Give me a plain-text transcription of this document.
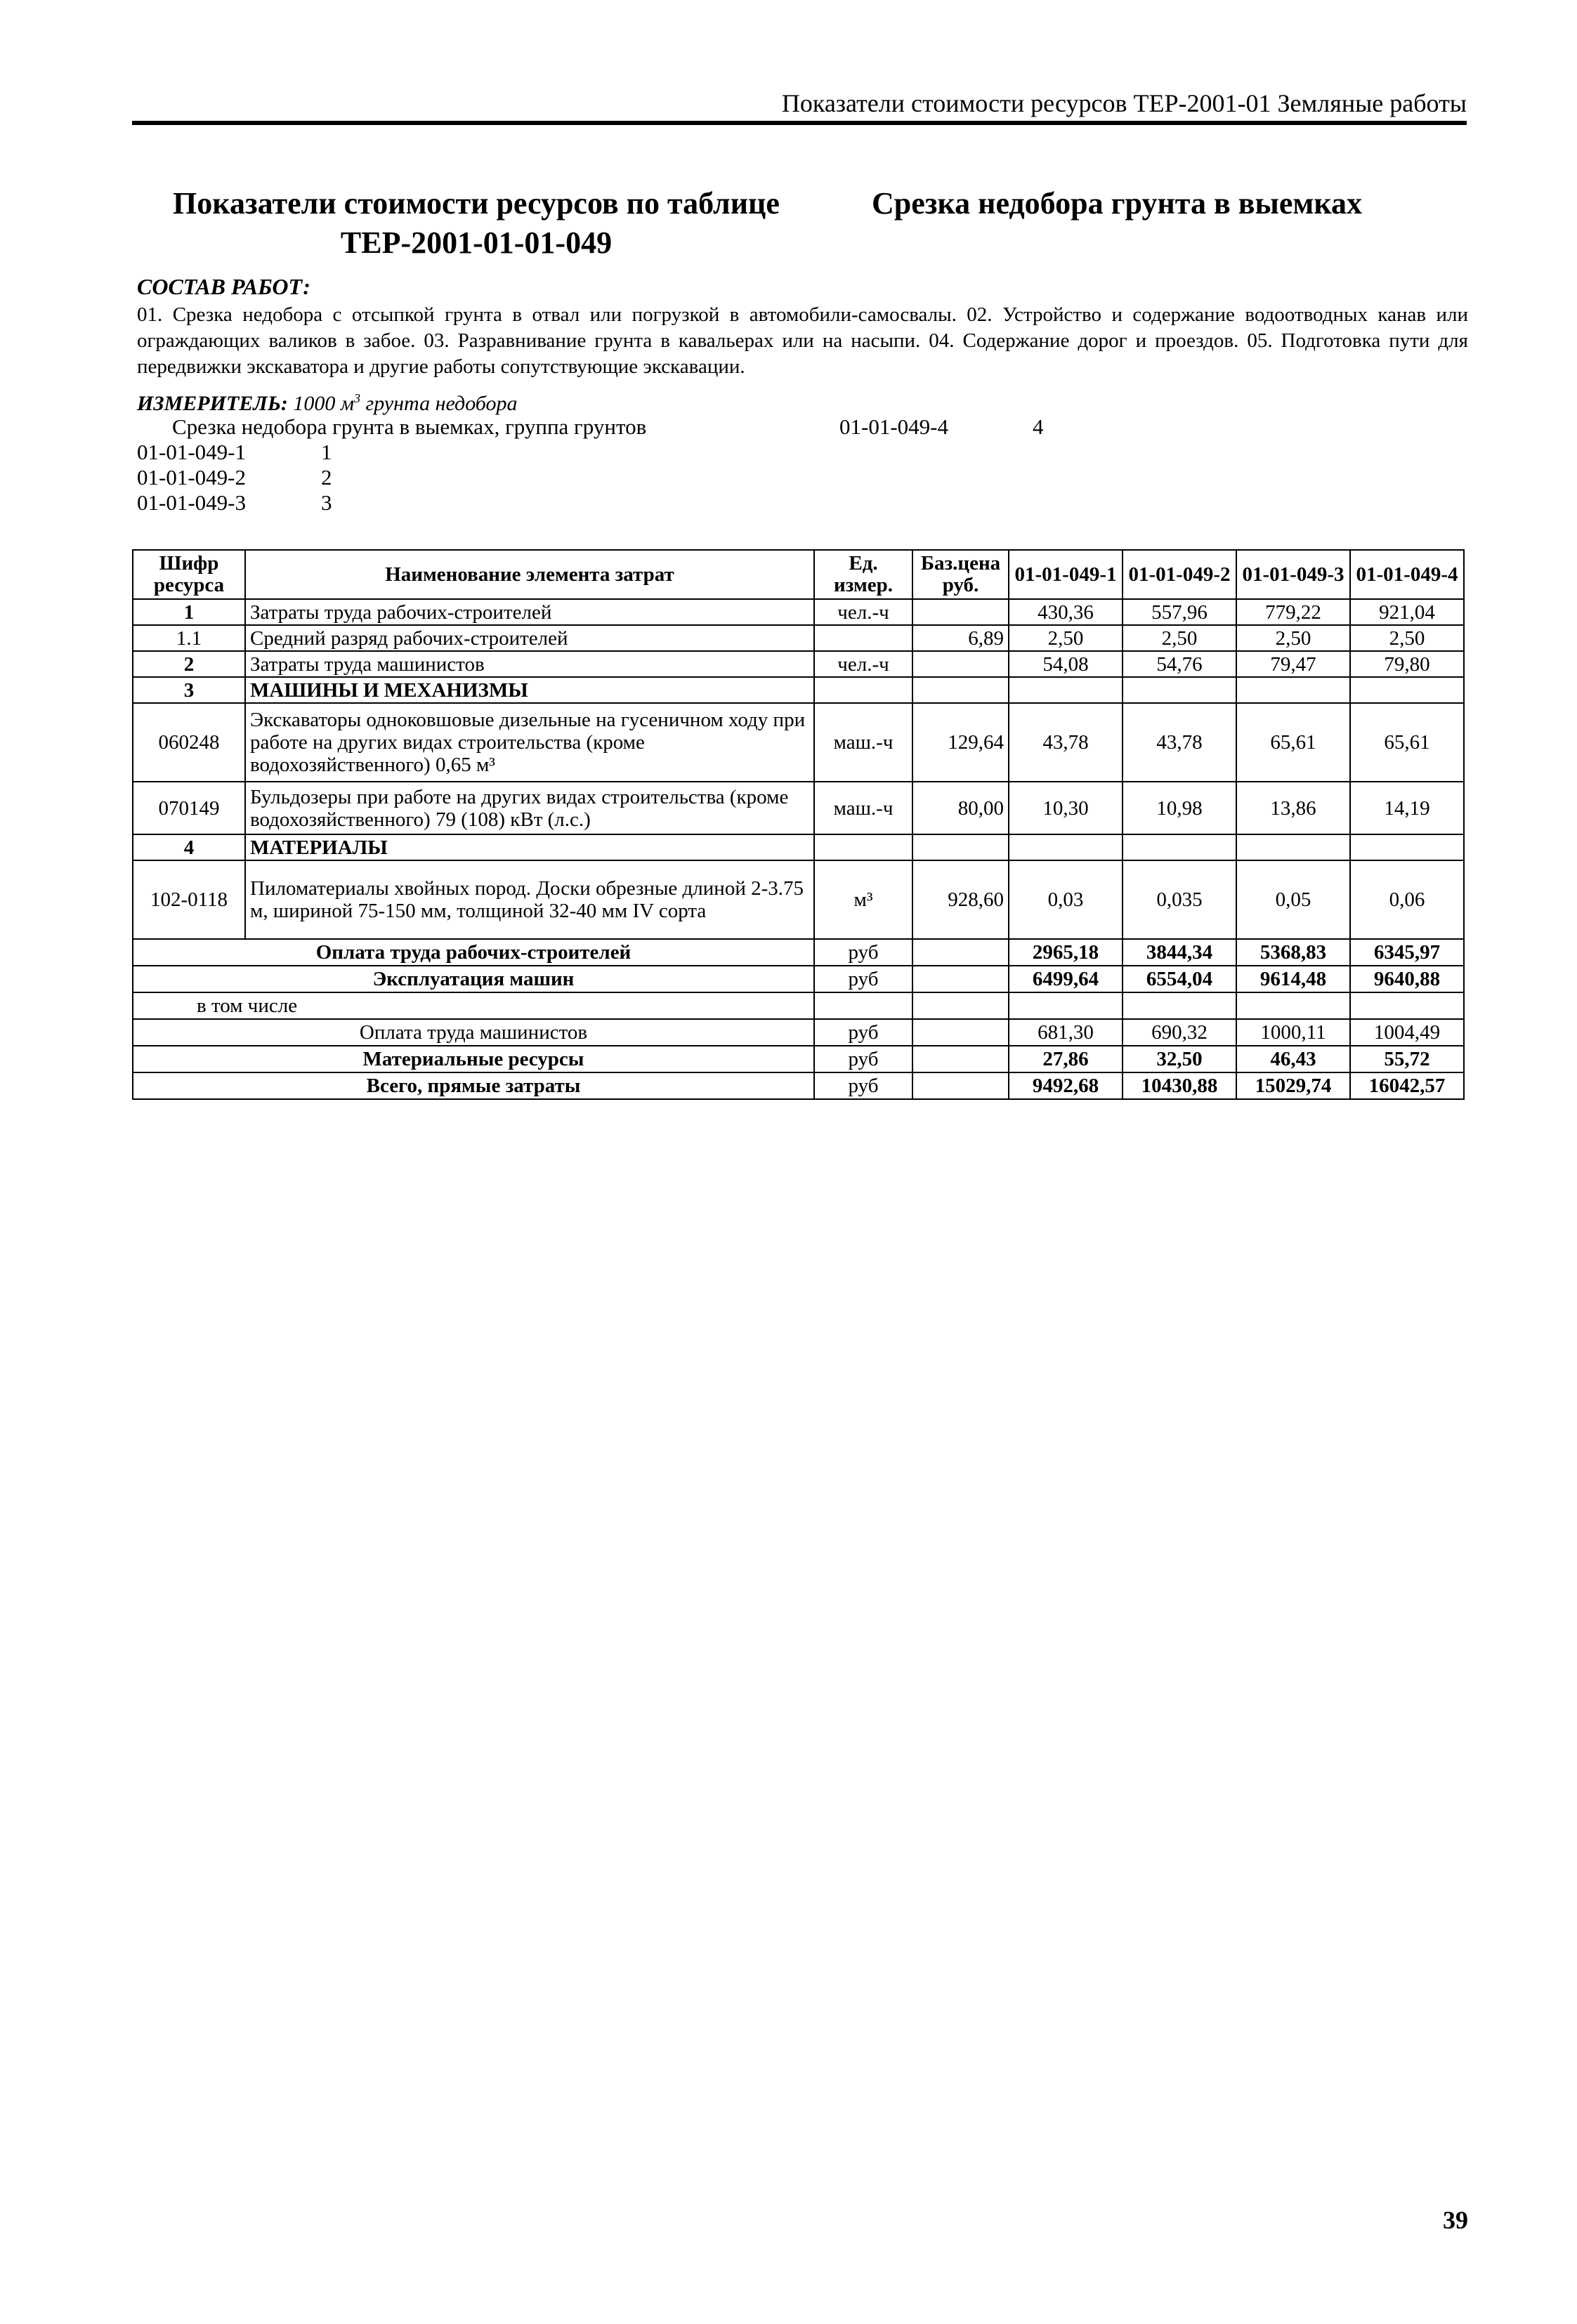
Показатели стоимости ресурсов ТЕР-2001-01 Земляные работы
Показатели стоимости ресурсов по таблице
ТЕР-2001-01-01-049
Срезка недобора грунта в выемках
СОСТАВ РАБОТ:
01. Срезка недобора с отсыпкой грунта в отвал или погрузкой в автомобили-самосвалы. 02. Устройство и содержание водоотводных канав или ограждающих валиков в забое. 03. Разравнивание грунта в кавальерах или на насыпи. 04. Содержание дорог и проездов. 05. Подготовка пути для передвижки экскаватора и другие работы сопутствующие экскавации.
ИЗМЕРИТЕЛЬ: 1000 $м^3$ грунта недобора
Срезка недобора грунта в выемках, группа грунтов	01-01-049-4	4
01-01-049-1	1
01-01-049-2	2
01-01-049-3	3
Шифр ресурса	Наименование элемента затрат	Ед. измер.	Баз.цена руб.	01-01-049-1	01-01-049-2	01-01-049-3	01-01-049-4
1	Затраты труда рабочих-строителей	чел.-ч		430,36	557,96	779,22	921,04
1.1	Средний разряд рабочих-строителей		6,89	2,50	2,50	2,50	2,50
2	Затраты труда машинистов	чел.-ч		54,08	54,76	79,47	79,80
3	МАШИНЫ И МЕХАНИЗМЫ						
060248	Экскаваторы одноковшовые дизельные на гусеничном ходу при работе на других видах строительства (кроме водохозяйственного) 0,65 м³	маш.-ч	129,64	43,78	43,78	65,61	65,61
070149	Бульдозеры при работе на других видах строительства (кроме водохозяйственного) 79 (108) кВт (л.с.)	маш.-ч	80,00	10,30	10,98	13,86	14,19
4	МАТЕРИАЛЫ						
102-0118	Пиломатериалы хвойных пород. Доски обрезные длиной 2-3.75 м, шириной 75-150 мм, толщиной 32-40 мм IV сорта	м³	928,60	0,03	0,035	0,05	0,06
Оплата труда рабочих-строителей		руб		2965,18	3844,34	5368,83	6345,97
Эксплуатация машин		руб		6499,64	6554,04	9614,48	9640,88
в том числе							
Оплата труда машинистов		руб		681,30	690,32	1000,11	1004,49
Материальные ресурсы		руб		27,86	32,50	46,43	55,72
Всего, прямые затраты		руб		9492,68	10430,88	15029,74	16042,57
39
